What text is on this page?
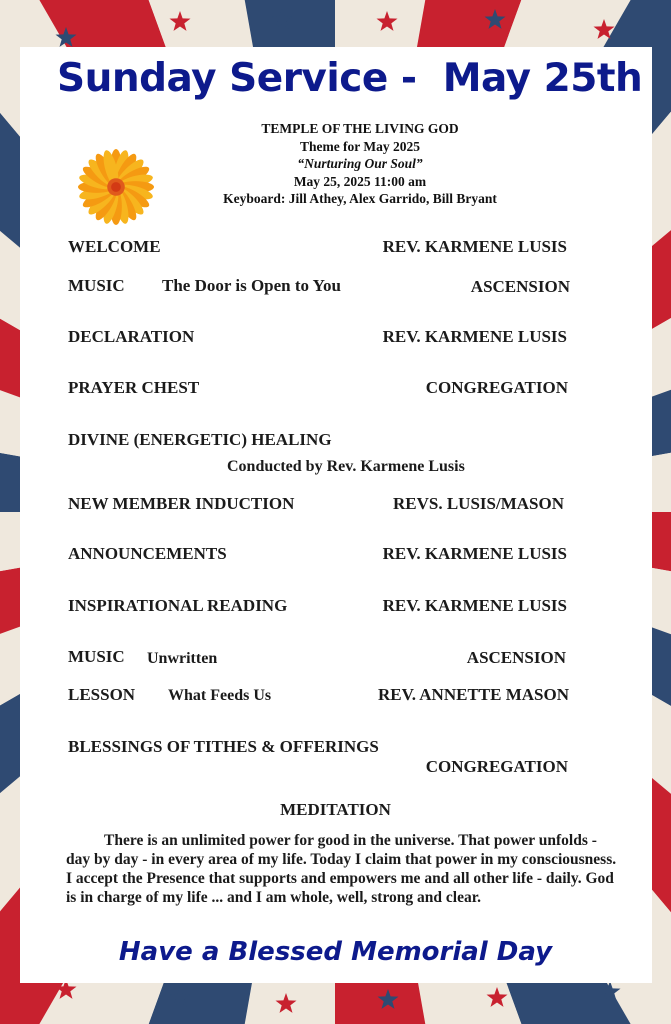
Sunday Service -  May 25th
TEMPLE OF THE LIVING GOD
Theme for May 2025
“Nurturing Our Soul”
May 25, 2025 11:00 am
Keyboard: Jill Athey, Alex Garrido, Bill Bryant
WELCOME	REV. KARMENE LUSIS
MUSIC The Door is Open to You	ASCENSION
DECLARATION	REV. KARMENE LUSIS
PRAYER CHEST	CONGREGATION
DIVINE (ENERGETIC) HEALING
Conducted by Rev. Karmene Lusis
NEW MEMBER INDUCTION	REVS. LUSIS/MASON
ANNOUNCEMENTS	REV. KARMENE LUSIS
INSPIRATIONAL READING	REV. KARMENE LUSIS
MUSIC Unwritten	ASCENSION
LESSON What Feeds Us	REV. ANNETTE MASON
BLESSINGS OF TITHES & OFFERINGS
CONGREGATION
MEDITATION
There is an unlimited power for good in the universe. That power unfolds - day by day - in every area of my life. Today I claim that power in my consciousness. I accept the Presence that supports and empowers me and all other life - daily. God is in charge of my life ... and I am whole, well, strong and clear.
Have a Blessed Memorial Day
